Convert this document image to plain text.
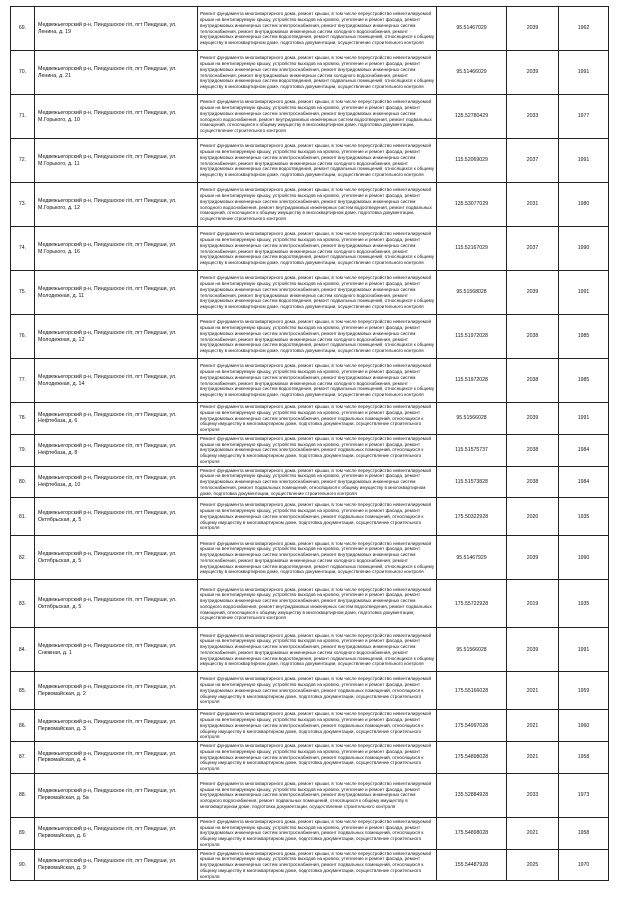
69.	Медвежьегорский р-н, Пиндушское г/п, пгт Пиндуши, ул. Ленина, д. 19	Ремонт фундамента многоквартирного дома, ремонт крыши, в том числе переустройство невентилируемой крыши на вентилируемую крышу, устройство выходов на кровлю, утепление и ремонт фасада, ремонт внутридомовых инженерных систем электроснабжения, ремонт внутридомовых инженерных систем теплоснабжения, ремонт внутридомовых инженерных систем холодного водоснабжения, ремонт внутридомовых инженерных систем водоотведения, ремонт подвальных помещений, относящихся к общему имуществу в многоквартирном доме, подготовка документации, осуществление строительного контроля	95.51467029	2039	1962
70.	Медвежьегорский р-н, Пиндушское г/п, пгт Пиндуши, ул. Ленина, д. 21	Ремонт фундамента многоквартирного дома, ремонт крыши, в том числе переустройство невентилируемой крыши на вентилируемую крышу, устройство выходов на кровлю, утепление и ремонт фасада, ремонт внутридомовых инженерных систем электроснабжения, ремонт внутридомовых инженерных систем теплоснабжения, ремонт внутридомовых инженерных систем холодного водоснабжения, ремонт внутридомовых инженерных систем водоотведения, ремонт подвальных помещений, относящихся к общему имуществу в многоквартирном доме, подготовка документации, осуществление строительного контроля	95.51466029	2039	1991
71.	Медвежьегорский р-н, Пиндушское г/п, пгт Пиндуши, ул. М.Горького, д. 10	Ремонт фундамента многоквартирного дома, ремонт крыши, в том числе переустройство невентилируемой крыши на вентилируемую крышу, устройство выходов на кровлю, утепление и ремонт фасада, ремонт внутридомовых инженерных систем электроснабжения, ремонт внутридомовых инженерных систем холодного водоснабжения, ремонт внутридомовых инженерных систем водоотведения, ремонт подвальных помещений, относящихся к общему имуществу в многоквартирном доме, подготовка документации, осуществление строительного контроля	135.52780429	2033	1977
72.	Медвежьегорский р-н, Пиндушское г/п, пгт Пиндуши, ул. М.Горького, д. 11	Ремонт фундамента многоквартирного дома, ремонт крыши, в том числе переустройство невентилируемой крыши на вентилируемую крышу, устройство выходов на кровлю, утепление и ремонт фасада, ремонт внутридомовых инженерных систем электроснабжения, ремонт внутридомовых инженерных систем теплоснабжения, ремонт внутридомовых инженерных систем холодного водоснабжения, ремонт внутридомовых инженерных систем водоотведения, ремонт подвальных помещений, относящихся к общему имуществу в многоквартирном доме, подготовка документации, осуществление строительного контроля	115.52069029	2037	1991
73.	Медвежьегорский р-н, Пиндушское г/п, пгт Пиндуши, ул. М.Горького, д. 12	Ремонт фундамента многоквартирного дома, ремонт крыши, в том числе переустройство невентилируемой крыши на вентилируемую крышу, устройство выходов на кровлю, утепление и ремонт фасада, ремонт внутридомовых инженерных систем электроснабжения, ремонт внутридомовых инженерных систем холодного водоснабжения, ремонт внутридомовых инженерных систем водоотведения, ремонт подвальных помещений, относящихся к общему имуществу в многоквартирном доме, подготовка документации, осуществление строительного контроля	135.53077029	2031	1980
74.	Медвежьегорский р-н, Пиндушское г/п, пгт Пиндуши, ул. М.Горького, д. 16	Ремонт фундамента многоквартирного дома, ремонт крыши, в том числе переустройство невентилируемой крыши на вентилируемую крышу, устройство выходов на кровлю, утепление и ремонт фасада, ремонт внутридомовых инженерных систем электроснабжения, ремонт внутридомовых инженерных систем теплоснабжения, ремонт внутридомовых инженерных систем холодного водоснабжения, ремонт внутридомовых инженерных систем водоотведения, ремонт подвальных помещений, относящихся к общему имуществу в многоквартирном доме, подготовка документации, осуществление строительного контроля	115.52167029	2037	1990
75.	Медвежьегорский р-н, Пиндушское г/п, пгт Пиндуши, ул. Молодежная, д. 11	Ремонт фундамента многоквартирного дома, ремонт крыши, в том числе переустройство невентилируемой крыши на вентилируемую крышу, устройство выходов на кровлю, утепление и ремонт фасада, ремонт внутридомовых инженерных систем электроснабжения, ремонт внутридомовых инженерных систем теплоснабжения, ремонт внутридомовых инженерных систем холодного водоснабжения, ремонт внутридомовых инженерных систем водоотведения, ремонт подвальных помещений, относящихся к общему имуществу в многоквартирном доме, подготовка документации, осуществление строительного контроля	95.51568028	2039	1991
76.	Медвежьегорский р-н, Пиндушское г/п, пгт Пиндуши, ул. Молодежная, д. 12	Ремонт фундамента многоквартирного дома, ремонт крыши, в том числе переустройство невентилируемой крыши на вентилируемую крышу, устройство выходов на кровлю, утепление и ремонт фасада, ремонт внутридомовых инженерных систем электроснабжения, ремонт внутридомовых инженерных систем теплоснабжения, ремонт внутридомовых инженерных систем холодного водоснабжения, ремонт внутридомовых инженерных систем водоотведения, ремонт подвальных помещений, относящихся к общему имуществу в многоквартирном доме, подготовка документации, осуществление строительного контроля	115.51972028	2038	1985
77.	Медвежьегорский р-н, Пиндушское г/п, пгт Пиндуши, ул. Молодежная, д. 14	Ремонт фундамента многоквартирного дома, ремонт крыши, в том числе переустройство невентилируемой крыши на вентилируемую крышу, устройство выходов на кровлю, утепление и ремонт фасада, ремонт внутридомовых инженерных систем электроснабжения, ремонт внутридомовых инженерных систем теплоснабжения, ремонт внутридомовых инженерных систем холодного водоснабжения, ремонт внутридомовых инженерных систем водоотведения, ремонт подвальных помещений, относящихся к общему имуществу в многоквартирном доме, подготовка документации, осуществление строительного контроля	115.51972028	2038	1985
78.	Медвежьегорский р-н, Пиндушское г/п, пгт Пиндуши, ул. Нефтебаза, д. 6	Ремонт фундамента многоквартирного дома, ремонт крыши, в том числе переустройство невентилируемой крыши на вентилируемую крышу, устройство выходов на кровлю, утепление и ремонт фасада, ремонт внутридомовых инженерных систем электроснабжения, ремонт подвальных помещений, относящихся к общему имуществу в многоквартирном доме, подготовка документации, осуществление строительного контроля	95.51566028	2039	1991
79.	Медвежьегорский р-н, Пиндушское г/п, пгт Пиндуши, ул. Нефтебаза, д. 8	Ремонт фундамента многоквартирного дома, ремонт крыши, в том числе переустройство невентилируемой крыши на вентилируемую крышу, устройство выходов на кровлю, утепление и ремонт фасада, ремонт внутридомовых инженерных систем электроснабжения, ремонт подвальных помещений, относящихся к общему имуществу в многоквартирном доме, подготовка документации, осуществление строительного контроля	115.51575737	2038	1984
80.	Медвежьегорский р-н, Пиндушское г/п, пгт Пиндуши, ул. Нефтебаза, д. 10	Ремонт фундамента многоквартирного дома, ремонт крыши, в том числе переустройство невентилируемой крыши на вентилируемую крышу, устройство выходов на кровлю, утепление и ремонт фасада, ремонт внутридомовых инженерных систем электроснабжения, ремонт внутридомовых инженерных систем теплоснабжения, ремонт подвальных помещений, относящихся к общему имуществу в многоквартирном доме, подготовка документации, осуществление строительного контроля	115.51573828	2038	1984
81.	Медвежьегорский р-н, Пиндушское г/п, пгт Пиндуши, ул. Октябрьская, д. 5	Ремонт фундамента многоквартирного дома, ремонт крыши, в том числе переустройство невентилируемой крыши на вентилируемую крышу, устройство выходов на кровлю, утепление и ремонт фасада, ремонт внутридомовых инженерных систем электроснабжения, ремонт подвальных помещений, относящихся к общему имуществу в многоквартирном доме, подготовка документации, осуществление строительного контроля	175.50322928	2020	1935
82.	Медвежьегорский р-н, Пиндушское г/п, пгт Пиндуши, ул. Октябрьская, д. 5	Ремонт фундамента многоквартирного дома, ремонт крыши, в том числе переустройство невентилируемой крыши на вентилируемую крышу, устройство выходов на кровлю, утепление и ремонт фасада, ремонт внутридомовых инженерных систем электроснабжения, ремонт внутридомовых инженерных систем теплоснабжения, ремонт внутридомовых инженерных систем холодного водоснабжения, ремонт внутридомовых инженерных систем водоотведения, ремонт подвальных помещений, относящихся к общему имуществу в многоквартирном доме, подготовка документации, осуществление строительного контроля	95.51467929	2039	1990
83.	Медвежьегорский р-н, Пиндушское г/п, пгт Пиндуши, ул. Октябрьская, д. 5	Ремонт фундамента многоквартирного дома, ремонт крыши, в том числе переустройство невентилируемой крыши на вентилируемую крышу, устройство выходов на кровлю, утепление и ремонт фасада, ремонт внутридомовых инженерных систем электроснабжения, ремонт внутридомовых инженерных систем холодного водоснабжения, ремонт внутридомовых инженерных систем водоотведения, ремонт подвальных помещений, относящихся к общему имуществу в многоквартирном доме, подготовка документации, осуществление строительного контроля	175.55722928	2019	1935
84.	Медвежьегорский р-н, Пиндушское г/п, пгт Пиндуши, ул. Снежная, д. 1	Ремонт фундамента многоквартирного дома, ремонт крыши, в том числе переустройство невентилируемой крыши на вентилируемую крышу, устройство выходов на кровлю, утепление и ремонт фасада, ремонт внутридомовых инженерных систем электроснабжения, ремонт внутридомовых инженерных систем теплоснабжения, ремонт внутридомовых инженерных систем холодного водоснабжения, ремонт внутридомовых инженерных систем водоотведения, ремонт подвальных помещений, относящихся к общему имуществу в многоквартирном доме, подготовка документации, осуществление строительного контроля	95.51566028	2039	1991
85.	Медвежьегорский р-н, Пиндушское г/п, пгт Пиндуши, ул. Первомайская, д. 2	Ремонт фундамента многоквартирного дома, ремонт крыши, в том числе переустройство невентилируемой крыши на вентилируемую крышу, устройство выходов на кровлю, утепление и ремонт фасада, ремонт внутридомовых инженерных систем электроснабжения, ремонт подвальных помещений, относящихся к общему имуществу в многоквартирном доме, подготовка документации, осуществление строительного контроля	175.55166028	2021	1959
86.	Медвежьегорский р-н, Пиндушское г/п, пгт Пиндуши, ул. Первомайская, д. 3	Ремонт фундамента многоквартирного дома, ремонт крыши, в том числе переустройство невентилируемой крыши на вентилируемую крышу, устройство выходов на кровлю, утепление и ремонт фасада, ремонт внутридомовых инженерных систем электроснабжения, ремонт подвальных помещений, относящихся к общему имуществу в многоквартирном доме, подготовка документации, осуществление строительного контроля	175.54997028	2021	1960
87.	Медвежьегорский р-н, Пиндушское г/п, пгт Пиндуши, ул. Первомайская, д. 4	Ремонт фундамента многоквартирного дома, ремонт крыши, в том числе переустройство невентилируемой крыши на вентилируемую крышу, устройство выходов на кровлю, утепление и ремонт фасада, ремонт внутридомовых инженерных систем электроснабжения, ремонт подвальных помещений, относящихся к общему имуществу в многоквартирном доме, подготовка документации, осуществление строительного контроля	175.54898028	2021	1958
88.	Медвежьегорский р-н, Пиндушское г/п, пгт Пиндуши, ул. Первомайская, д. 5а	Ремонт фундамента многоквартирного дома, ремонт крыши, в том числе переустройство невентилируемой крыши на вентилируемую крышу, устройство выходов на кровлю, утепление и ремонт фасада, ремонт внутридомовых инженерных систем электроснабжения, ремонт внутридомовых инженерных систем холодного водоснабжения, ремонт подвальных помещений, относящихся к общему имуществу в многоквартирном доме, подготовка документации, осуществление строительного контроля	135.52884928	2033	1973
89.	Медвежьегорский р-н, Пиндушское г/п, пгт Пиндуши, ул. Первомайская, д. 6	Ремонт фундамента многоквартирного дома, ремонт крыши, в том числе переустройство невентилируемой крыши на вентилируемую крышу, устройство выходов на кровлю, утепление и ремонт фасада, ремонт внутридомовых инженерных систем электроснабжения, ремонт подвальных помещений, относящихся к общему имуществу в многоквартирном доме, подготовка документации, осуществление строительного контроля	175.54898028	2021	1958
90.	Медвежьегорский р-н, Пиндушское г/п, пгт Пиндуши, ул. Первомайская, д. 9	Ремонт фундамента многоквартирного дома, ремонт крыши, в том числе переустройство невентилируемой крыши на вентилируемую крышу, устройство выходов на кровлю, утепление и ремонт фасада, ремонт внутридомовых инженерных систем электроснабжения, ремонт подвальных помещений, относящихся к общему имуществу в многоквартирном доме, подготовка документации, осуществление строительного контроля	155.54487928	2025	1970
